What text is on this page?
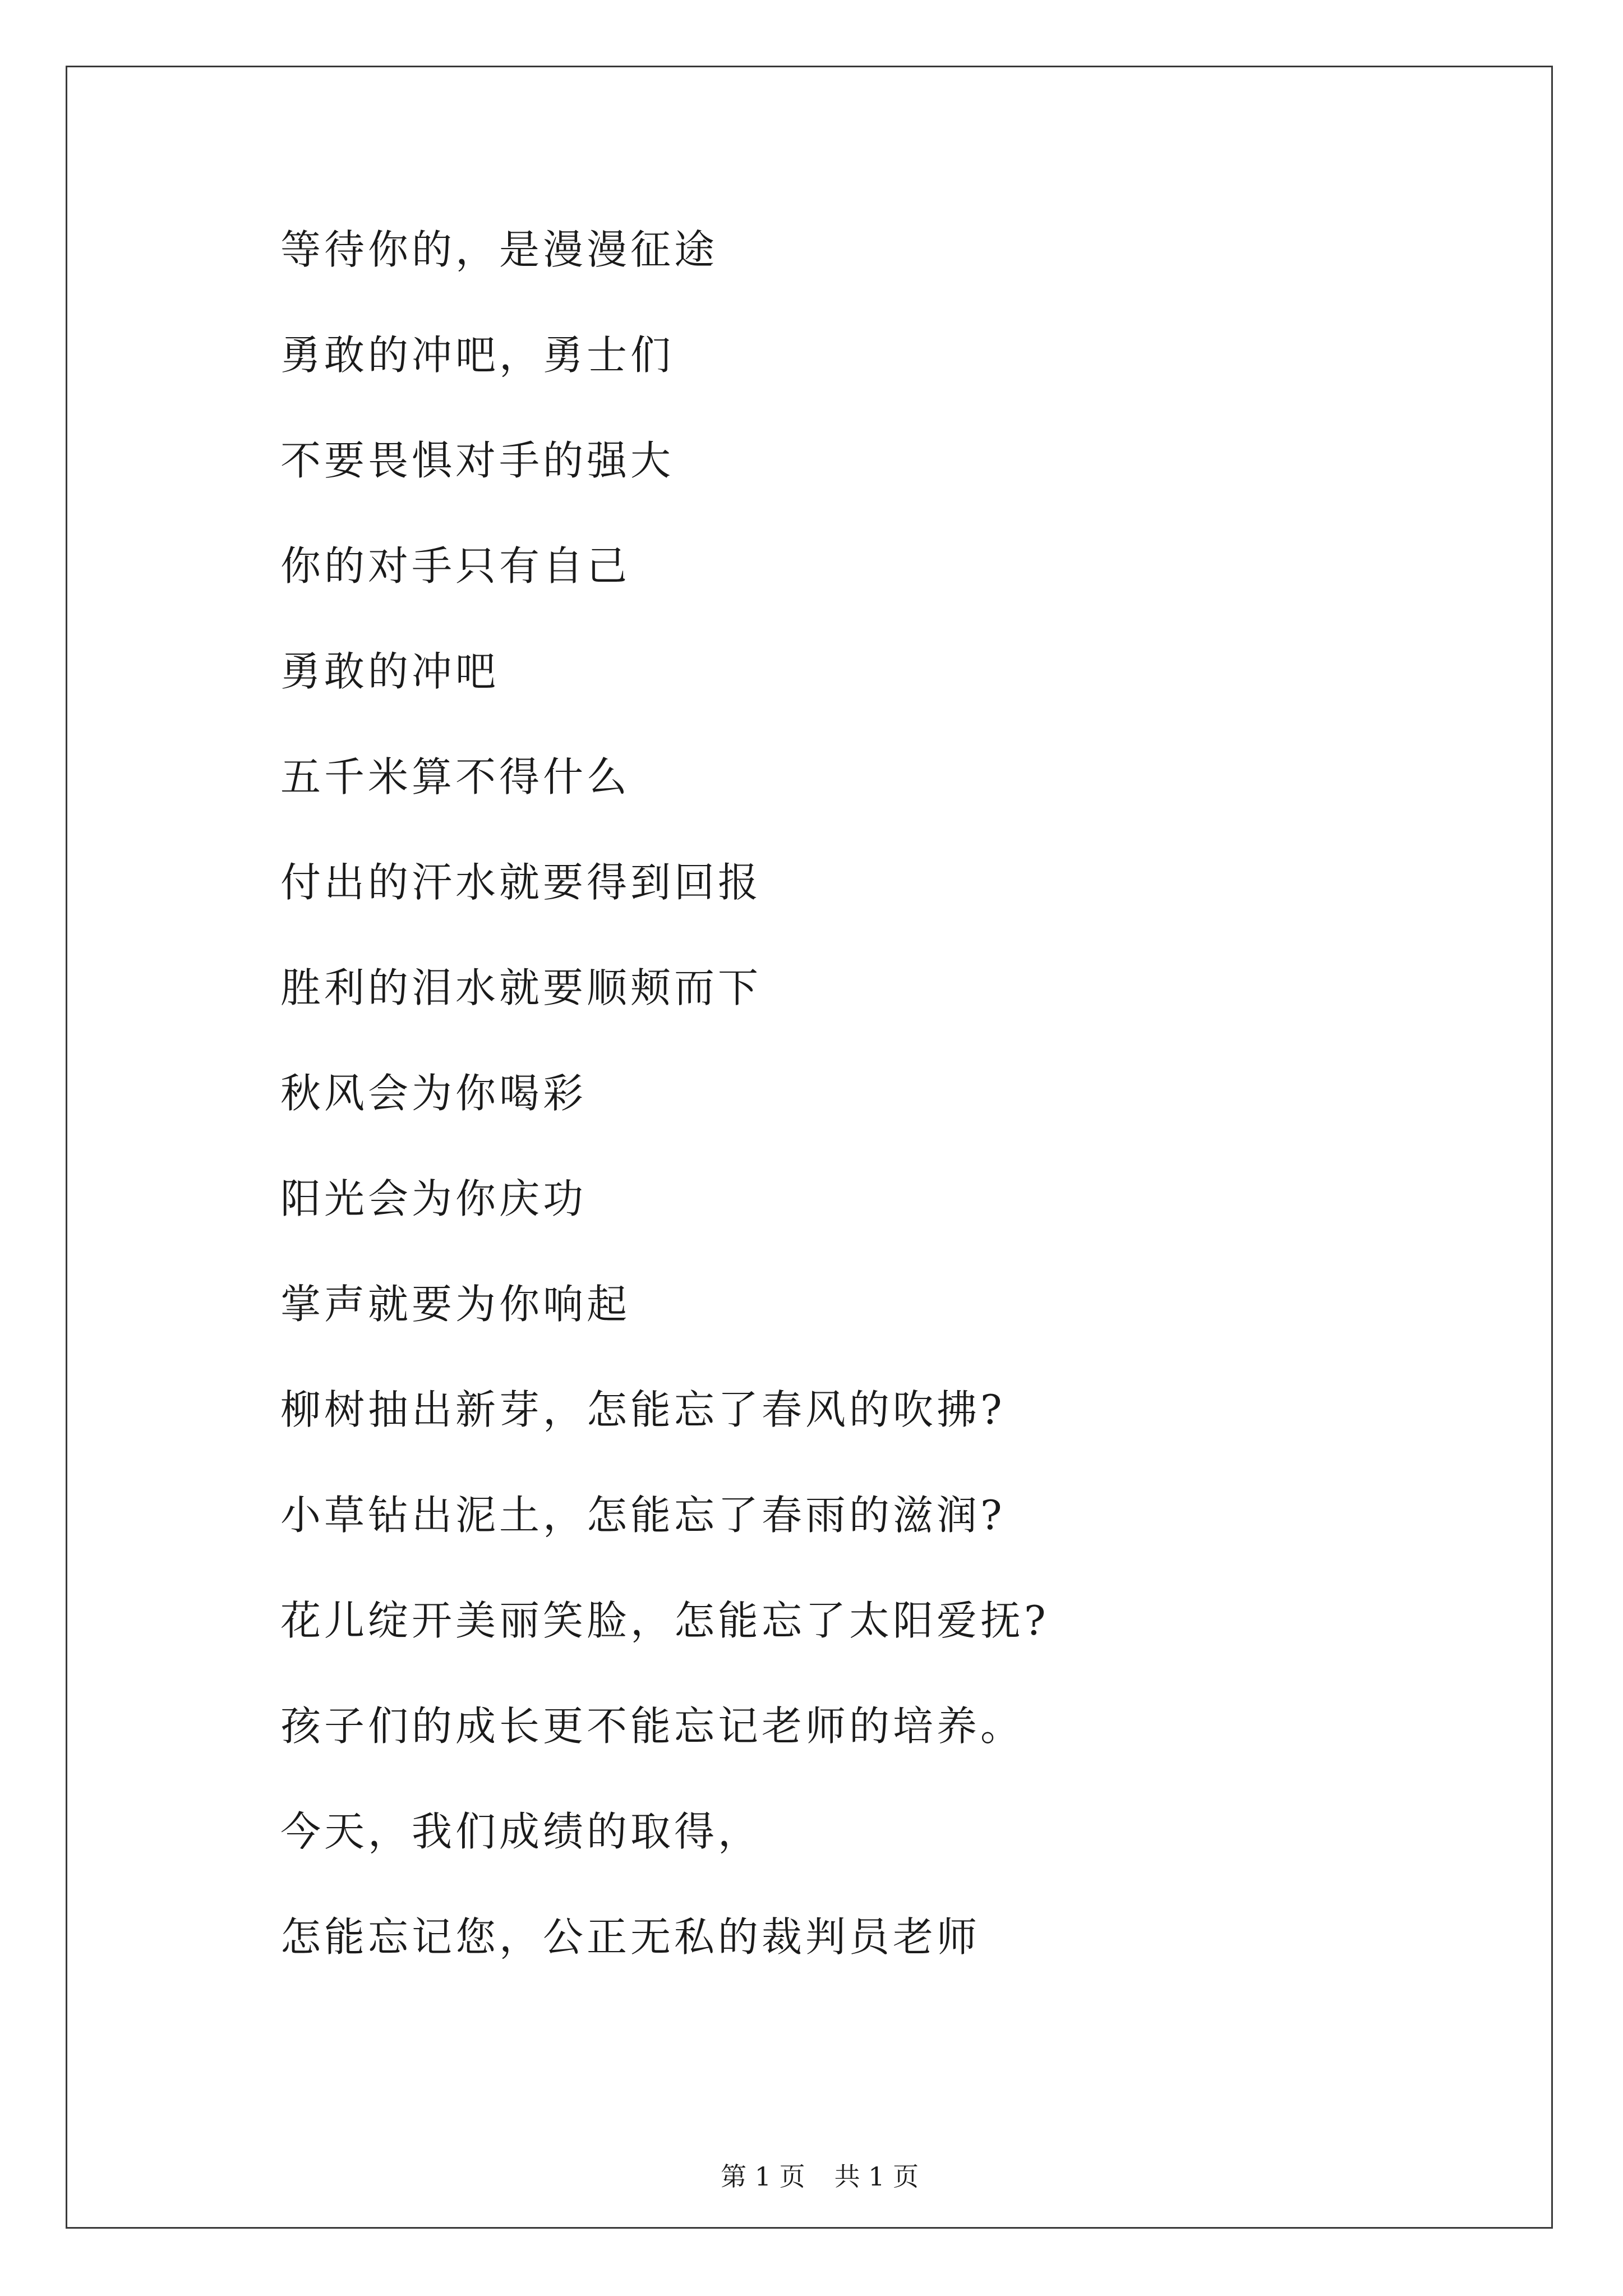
等待你的，是漫漫征途
勇敢的冲吧，勇士们
不要畏惧对手的强大
你的对手只有自己
勇敢的冲吧
五千米算不得什么
付出的汗水就要得到回报
胜利的泪水就要顺颊而下
秋风会为你喝彩
阳光会为你庆功
掌声就要为你响起
柳树抽出新芽，怎能忘了春风的吹拂?
小草钻出泥土，怎能忘了春雨的滋润?
花儿绽开美丽笑脸，怎能忘了太阳爱抚?
孩子们的成长更不能忘记老师的培养。
今天，我们成绩的取得，
怎能忘记您，公正无私的裁判员老师

第 1 页 共 1 页
